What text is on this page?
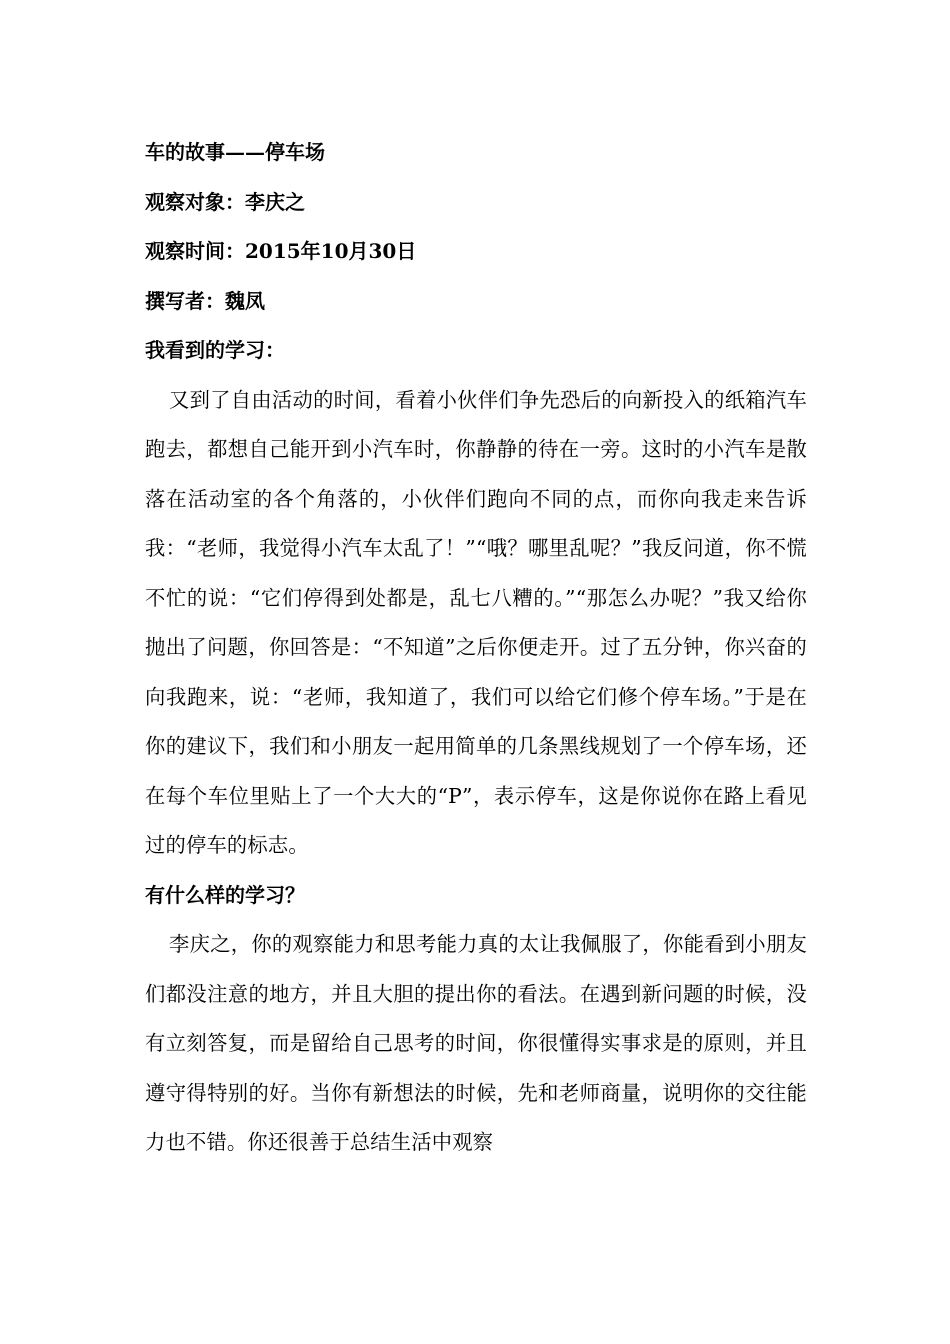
车的故事——停车场

观察对象：李庆之

观察时间：2015年10月30日

撰写者：魏凤

我看到的学习：

又到了自由活动的时间，看着小伙伴们争先恐后的向新投入的纸箱汽车跑去，都想自己能开到小汽车时，你静静的待在一旁。这时的小汽车是散落在活动室的各个角落的，小伙伴们跑向不同的点，而你向我走来告诉我：“老师，我觉得小汽车太乱了！”“哦？哪里乱呢？”我反问道，你不慌不忙的说：“它们停得到处都是，乱七八糟的。”“那怎么办呢？”我又给你抛出了问题，你回答是：“不知道”之后你便走开。过了五分钟，你兴奋的向我跑来，说：“老师，我知道了，我们可以给它们修个停车场。”于是在你的建议下，我们和小朋友一起用简单的几条黑线规划了一个停车场，还在每个车位里贴上了一个大大的“P”，表示停车，这是你说你在路上看见过的停车的标志。

有什么样的学习？

李庆之，你的观察能力和思考能力真的太让我佩服了，你能看到小朋友们都没注意的地方，并且大胆的提出你的看法。在遇到新问题的时候，没有立刻答复，而是留给自己思考的时间，你很懂得实事求是的原则，并且遵守得特别的好。当你有新想法的时候，先和老师商量，说明你的交往能力也不错。你还很善于总结生活中观察
